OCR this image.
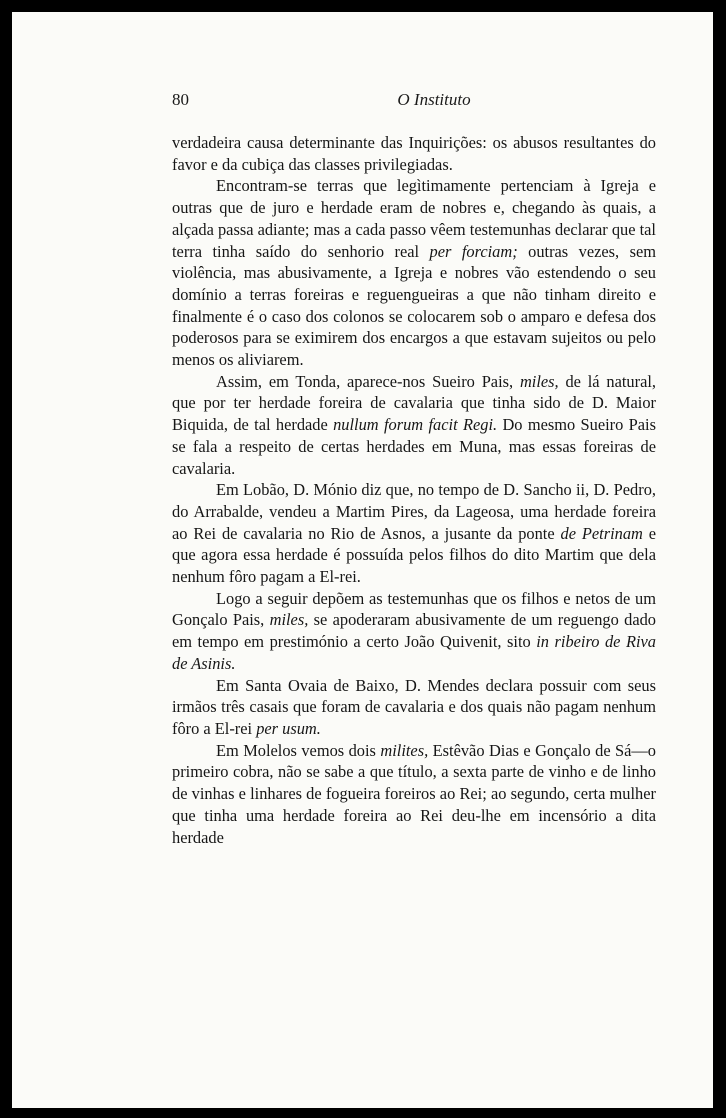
80	O Instituto

verdadeira causa determinante das Inquirições: os abusos resultantes do favor e da cubiça das classes privilegiadas.

Encontram-se terras que legìtimamente pertenciam à Igreja e outras que de juro e herdade eram de nobres e, chegando às quais, a alçada passa adiante; mas a cada passo vêem testemunhas declarar que tal terra tinha saído do senhorio real per forciam; outras vezes, sem violência, mas abusivamente, a Igreja e nobres vão estendendo o seu domínio a terras foreiras e reguengueiras a que não tinham direito e finalmente é o caso dos colonos se colocarem sob o amparo e defesa dos poderosos para se eximirem dos encargos a que estavam sujeitos ou pelo menos os aliviarem.

Assim, em Tonda, aparece-nos Sueiro Pais, miles, de lá natural, que por ter herdade foreira de cavalaria que tinha sido de D. Maior Biquida, de tal herdade nullum forum facit Regi. Do mesmo Sueiro Pais se fala a respeito de certas herdades em Muna, mas essas foreiras de cavalaria.

Em Lobão, D. Mónio diz que, no tempo de D. Sancho ii, D. Pedro, do Arrabalde, vendeu a Martim Pires, da Lageosa, uma herdade foreira ao Rei de cavalaria no Rio de Asnos, a jusante da ponte de Petrinam e que agora essa herdade é possuída pelos filhos do dito Martim que dela nenhum fôro pagam a El-rei.

Logo a seguir depõem as testemunhas que os filhos e netos de um Gonçalo Pais, miles, se apoderaram abusivamente de um reguengo dado em tempo em prestimónio a certo João Quivenit, sito in ribeiro de Riva de Asinis.

Em Santa Ovaia de Baixo, D. Mendes declara possuir com seus irmãos três casais que foram de cavalaria e dos quais não pagam nenhum fôro a El-rei per usum.

Em Molelos vemos dois milites, Estêvão Dias e Gonçalo de Sá—o primeiro cobra, não se sabe a que título, a sexta parte de vinho e de linho de vinhas e linhares de fogueira foreiros ao Rei; ao segundo, certa mulher que tinha uma herdade foreira ao Rei deu-lhe em incensório a dita herdade
